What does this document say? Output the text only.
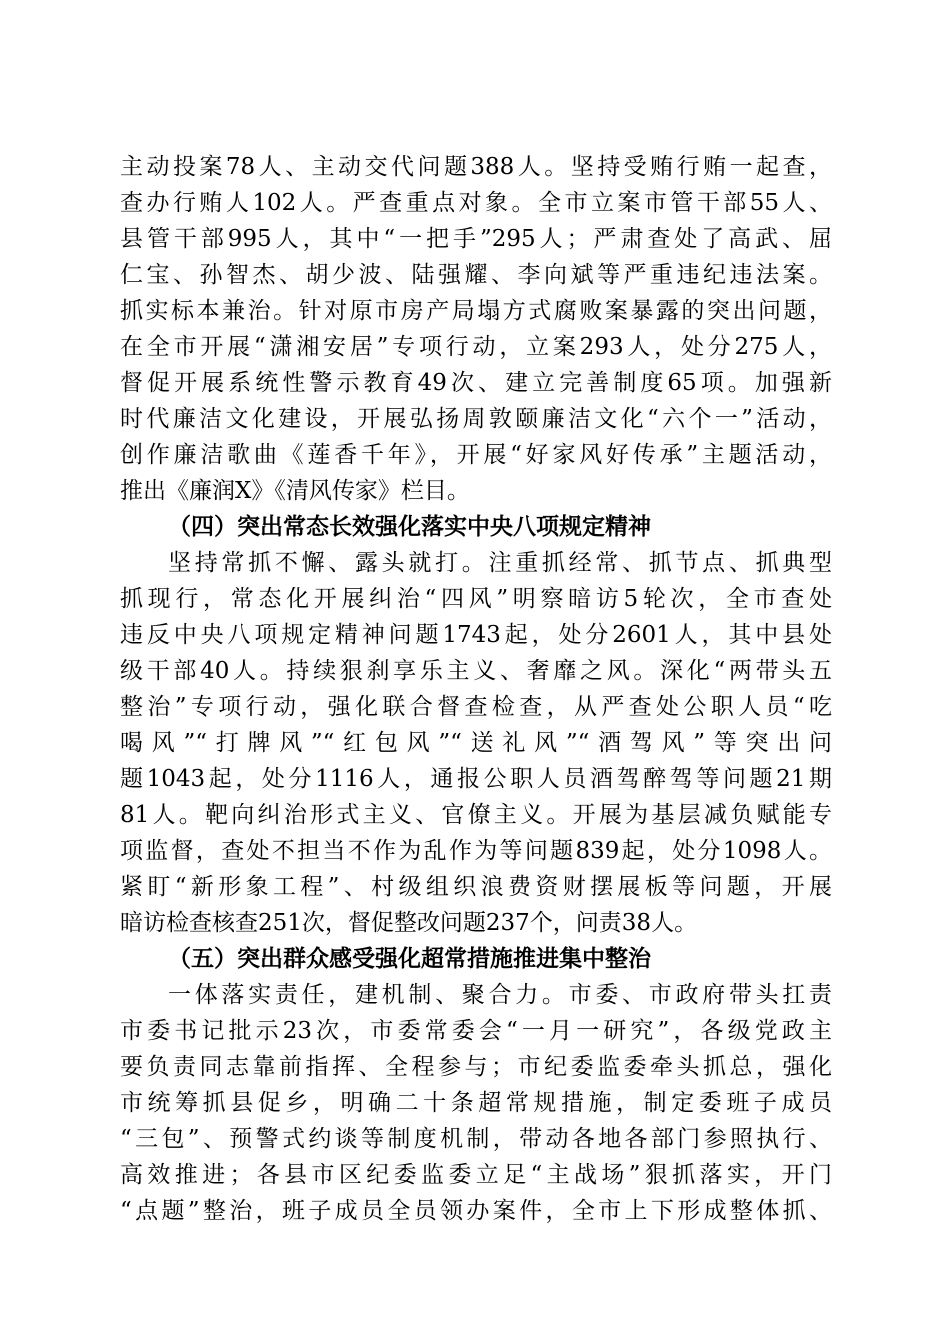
主动投案78人、主动交代问题388人。坚持受贿行贿一起查，
查办行贿人102人。严查重点对象。全市立案市管干部55人、
县管干部995人，其中“一把手”295人；严肃查处了高武、屈
仁宝、孙智杰、胡少波、陆强耀、李向斌等严重违纪违法案。
抓实标本兼治。针对原市房产局塌方式腐败案暴露的突出问题，
在全市开展“潇湘安居”专项行动，立案293人，处分275人，
督促开展系统性警示教育49次、建立完善制度65项。加强新
时代廉洁文化建设，开展弘扬周敦颐廉洁文化“六个一”活动，
创作廉洁歌曲《莲香千年》，开展“好家风好传承”主题活动，
推出《廉润X》《清风传家》栏目。
（四）突出常态长效强化落实中央八项规定精神
坚持常抓不懈、露头就打。注重抓经常、抓节点、抓典型
抓现行，常态化开展纠治“四风”明察暗访5轮次，全市查处
违反中央八项规定精神问题1743起，处分2601人，其中县处
级干部40人。持续狠刹享乐主义、奢靡之风。深化“两带头五
整治”专项行动，强化联合督查检查，从严查处公职人员“吃
喝风”“打牌风”“红包风”“送礼风”“酒驾风”等突出问
题1043起，处分1116人，通报公职人员酒驾醉驾等问题21期
81人。靶向纠治形式主义、官僚主义。开展为基层减负赋能专
项监督，查处不担当不作为乱作为等问题839起，处分1098人。
紧盯“新形象工程”、村级组织浪费资财摆展板等问题，开展
暗访检查核查251次，督促整改问题237个，问责38人。
（五）突出群众感受强化超常措施推进集中整治
一体落实责任，建机制、聚合力。市委、市政府带头扛责
市委书记批示23次，市委常委会“一月一研究”，各级党政主
要负责同志靠前指挥、全程参与；市纪委监委牵头抓总，强化
市统筹抓县促乡，明确二十条超常规措施，制定委班子成员
“三包”、预警式约谈等制度机制，带动各地各部门参照执行、
高效推进；各县市区纪委监委立足“主战场”狠抓落实，开门
“点题”整治，班子成员全员领办案件，全市上下形成整体抓、
